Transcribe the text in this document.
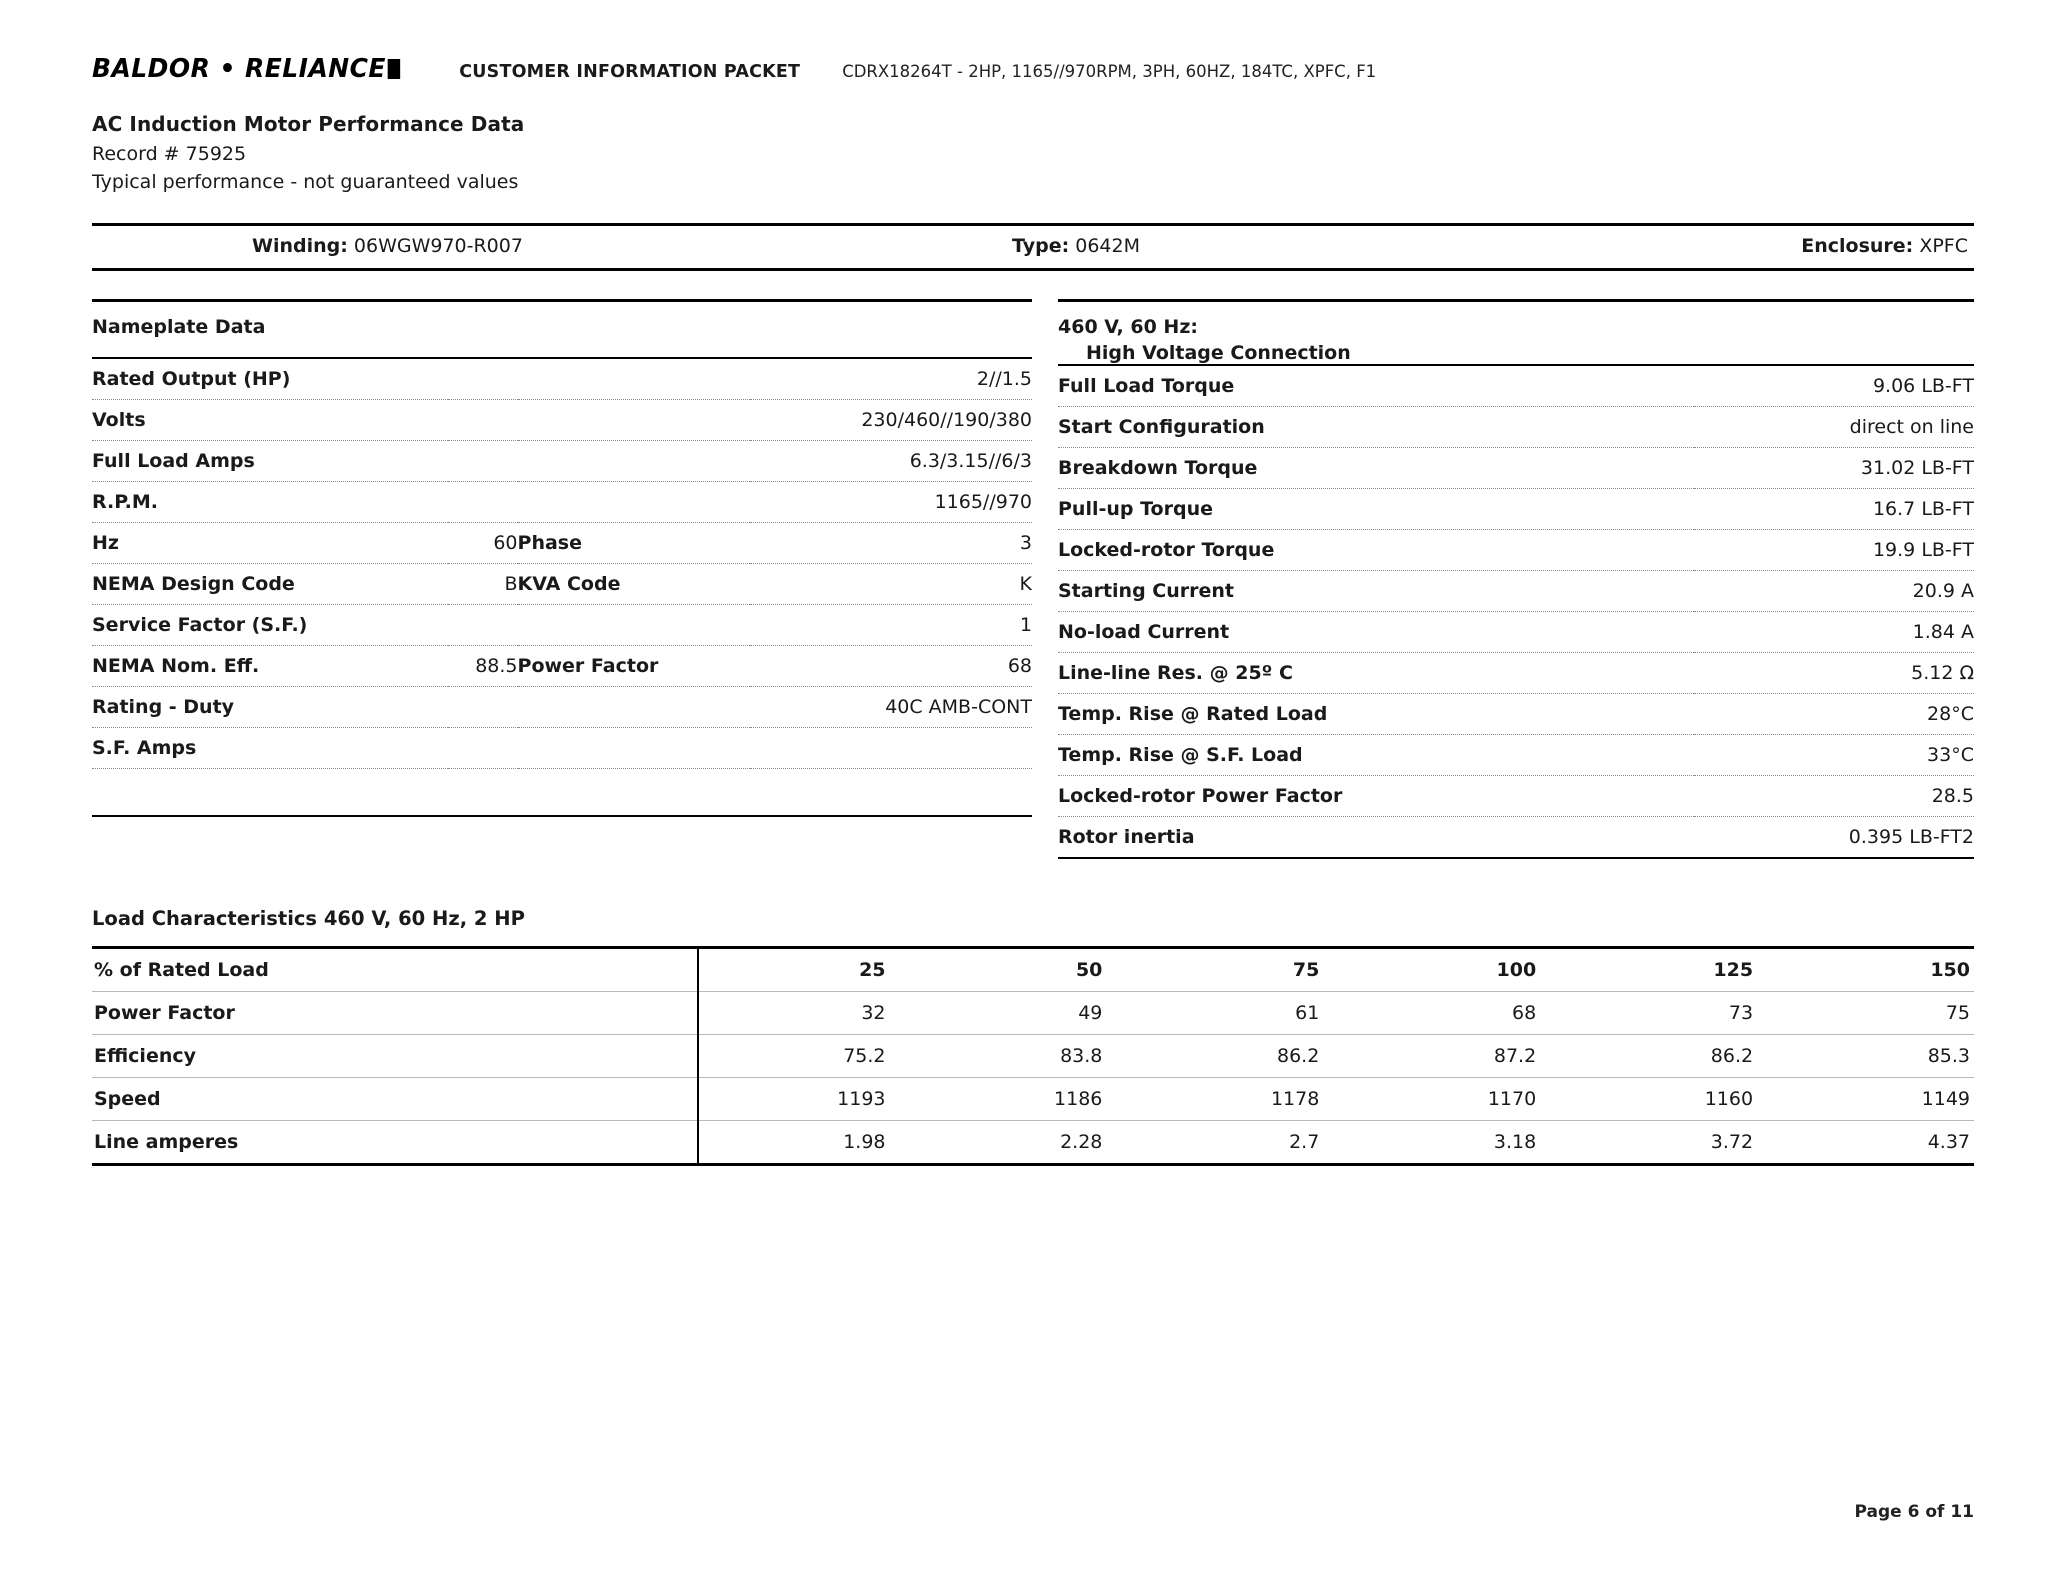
BALDOR • RELIANCE	CUSTOMER INFORMATION PACKET	CDRX18264T - 2HP, 1165//970RPM, 3PH, 60HZ, 184TC, XPFC, F1
AC Induction Motor Performance Data
Record # 75925
Typical performance - not guaranteed values
Winding: 06WGW970-R007	Type: 0642M	Enclosure: XPFC
Nameplate Data
Rated Output (HP)			2//1.5
Volts			230/460//190/380
Full Load Amps			6.3/3.15//6/3
R.P.M.			1165//970
Hz	60	Phase	3
NEMA Design Code	B	KVA Code	K
Service Factor (S.F.)			1
NEMA Nom. Eff.	88.5	Power Factor	68
Rating - Duty			40C AMB-CONT
S.F. Amps			

460 V, 60 Hz:
High Voltage Connection
Full Load Torque	9.06 LB-FT
Start Configuration	direct on line
Breakdown Torque	31.02 LB-FT
Pull-up Torque	16.7 LB-FT
Locked-rotor Torque	19.9 LB-FT
Starting Current	20.9 A
No-load Current	1.84 A
Line-line Res. @ 25º C	5.12 Ω
Temp. Rise @ Rated Load	28°C
Temp. Rise @ S.F. Load	33°C
Locked-rotor Power Factor	28.5
Rotor inertia	0.395 LB-FT2
Load Characteristics 460 V, 60 Hz, 2 HP
% of Rated Load	25	50	75	100	125	150
Power Factor	32	49	61	68	73	75
Efficiency	75.2	83.8	86.2	87.2	86.2	85.3
Speed	1193	1186	1178	1170	1160	1149
Line amperes	1.98	2.28	2.7	3.18	3.72	4.37
Page 6 of 11
